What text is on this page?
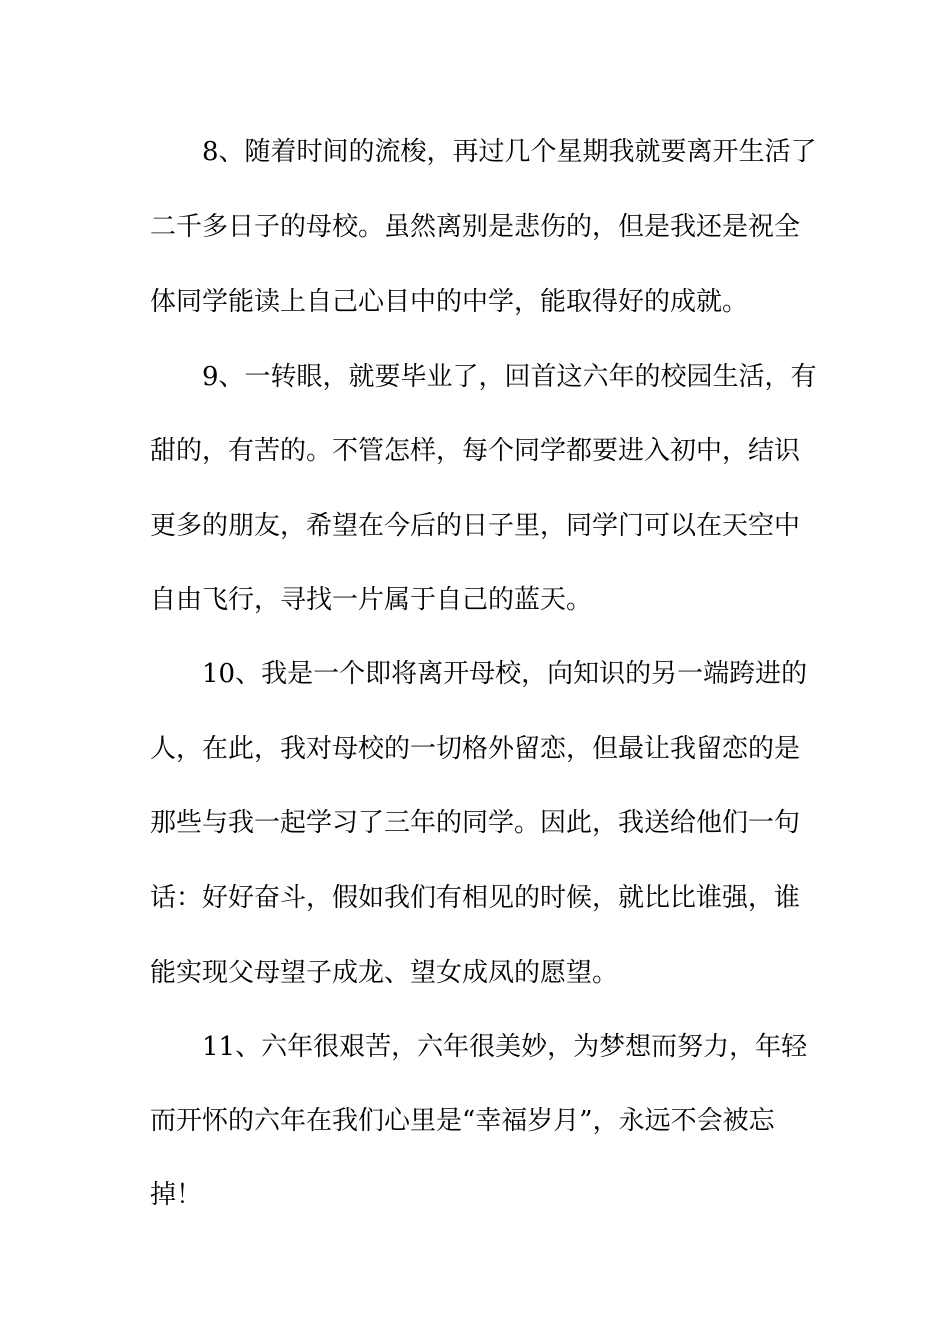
8、随着时间的流梭，再过几个星期我就要离开生活了
二千多日子的母校。虽然离别是悲伤的，但是我还是祝全
体同学能读上自己心目中的中学，能取得好的成就。
9、一转眼，就要毕业了，回首这六年的校园生活，有
甜的，有苦的。不管怎样，每个同学都要进入初中，结识
更多的朋友，希望在今后的日子里，同学门可以在天空中
自由飞行，寻找一片属于自己的蓝天。
10、我是一个即将离开母校，向知识的另一端跨进的
人，在此，我对母校的一切格外留恋，但最让我留恋的是
那些与我一起学习了三年的同学。因此，我送给他们一句
话：好好奋斗，假如我们有相见的时候，就比比谁强，谁
能实现父母望子成龙、望女成凤的愿望。
11、六年很艰苦，六年很美妙，为梦想而努力，年轻
而开怀的六年在我们心里是“幸福岁月”，永远不会被忘
掉！
